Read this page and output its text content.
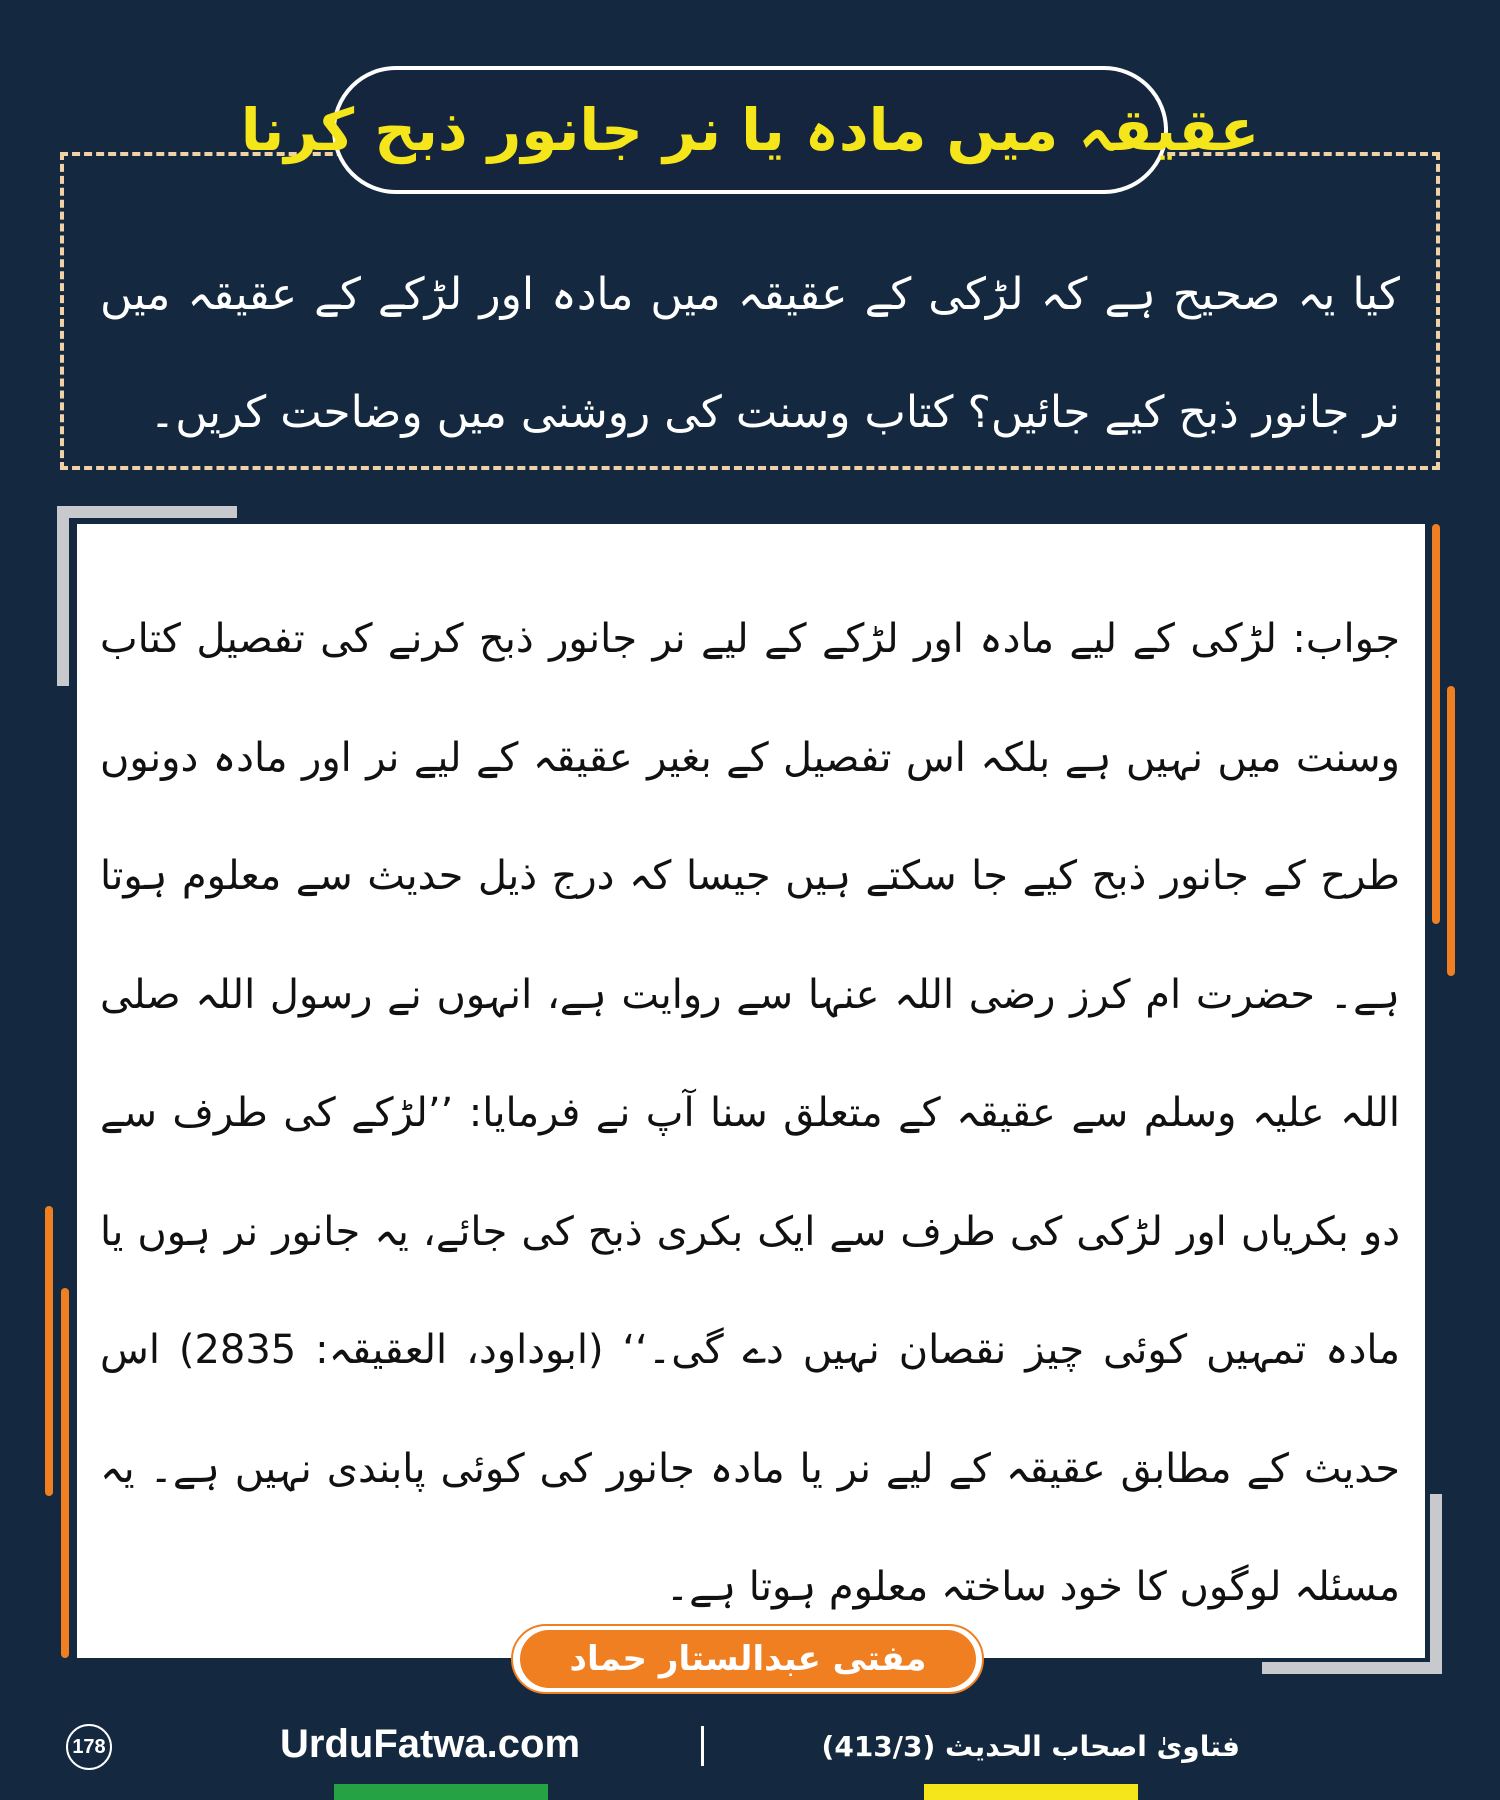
عقیقہ میں مادہ یا نر جانور ذبح کرنا
کیا یہ صحیح ہے کہ لڑکی کے عقیقہ میں مادہ اور لڑکے کے عقیقہ میں نر جانور ذبح کیے جائیں؟ کتاب وسنت کی روشنی میں وضاحت کریں۔
جواب: لڑکی کے لیے مادہ اور لڑکے کے لیے نر جانور ذبح کرنے کی تفصیل کتاب وسنت میں نہیں ہے بلکہ اس تفصیل کے بغیر عقیقہ کے لیے نر اور مادہ دونوں طرح کے جانور ذبح کیے جا سکتے ہیں جیسا کہ درج ذیل حدیث سے معلوم ہوتا ہے۔ حضرت ام کرز رضی اللہ عنہا سے روایت ہے، انہوں نے رسول اللہ صلی اللہ علیہ وسلم سے عقیقہ کے متعلق سنا آپ نے فرمایا: ’’لڑکے کی طرف سے دو بکریاں اور لڑکی کی طرف سے ایک بکری ذبح کی جائے، یہ جانور نر ہوں یا مادہ تمہیں کوئی چیز نقصان نہیں دے گی۔‘‘ (ابوداود، العقیقہ: 2835) اس حدیث کے مطابق عقیقہ کے لیے نر یا مادہ جانور کی کوئی پابندی نہیں ہے۔ یہ مسئلہ لوگوں کا خود ساختہ معلوم ہوتا ہے۔
مفتی عبدالستار حماد
178	UrduFatwa.com	فتاویٰ اصحاب الحدیث (413/3)
